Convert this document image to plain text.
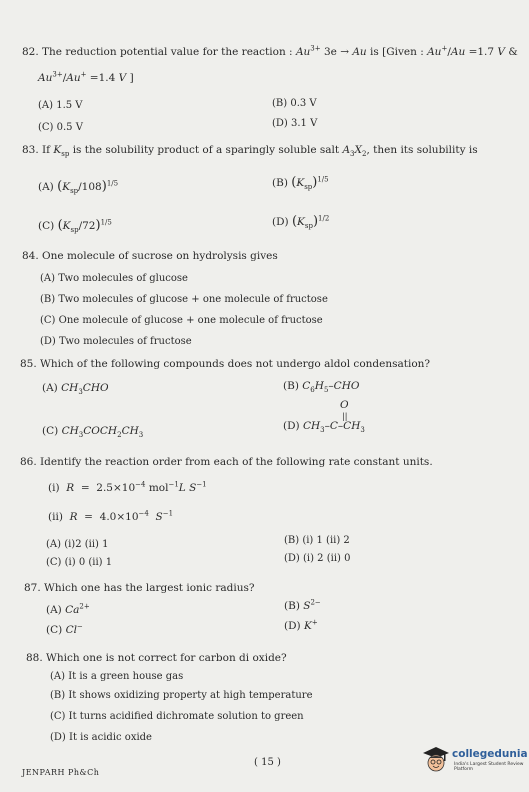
82. The reduction potential value for the reaction : $Au^{3+}$ 3e → Au is [Given : Au+/Au =1.7 V &
$Au^{3+}/Au^+ =1.4$ V ]
(A) 1.5 V	(B) 0.3 V
(C) 0.5 V	(D) 3.1 V
83. If $K_{sp}$ is the solubility product of a sparingly soluble salt $A_3X_2$, then its solubility is
(A) $(K_{sp}/108)^{1/5}$	(B) $(K_{sp})^{1/5}$
(C) $(K_{sp}/72)^{1/5}$	(D) $(K_{sp})^{1/2}$
84. One molecule of sucrose on hydrolysis gives
(A) Two molecules of glucose
(B) Two molecules of glucose + one molecule of fructose
(C) One molecule of glucose + one molecule of fructose
(D) Two molecules of fructose
85. Which of the following compounds does not undergo aldol condensation?
(A) $CH_3CHO$	(B) $C_6H_5$–CHO
(C) $CH_3COCH_2CH_3$
O
||
(D) $CH_3-C-CH_3$
86. Identify the reaction order from each of the following rate constant units.
(i)  $R = 2.5\times 10^{-4}$ mol$^{-1}$L $S^{-1}$
(ii)  $R = 4.0\times 10^{-4}$ $S^{-1}$
(A) (i)2 (ii) 1	(B) (i) 1 (ii) 2
(C) (i) 0 (ii) 1	(D) (i) 2 (ii) 0
87. Which one has the largest ionic radius?
(A) $Ca^{2+}$	(B) $S^{2-}$
(C) Cl−	(D) K+
88. Which one is not correct for carbon di oxide?
(A) It is a green house gas
(B) It shows oxidizing property at high temperature
(C) It turns acidified dichromate solution to green
(D) It is acidic oxide
JENPARH Ph&Ch
( 15 )
collegedunia
India's Largest Student Review Platform
